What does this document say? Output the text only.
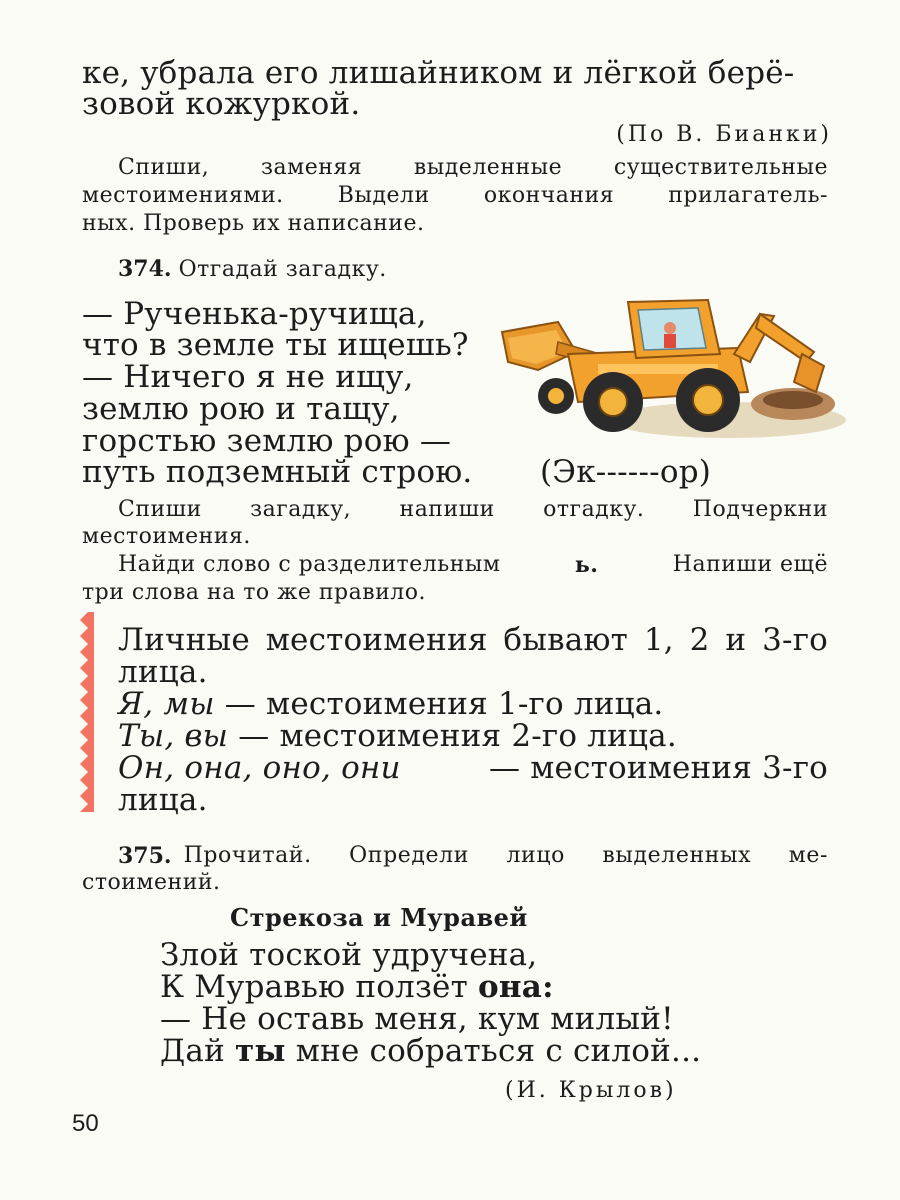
ке, убрала его лишайником и лёгкой берё-
зовой кожуркой.
(По В. Бианки)
Спиши, заменяя выделенные существительные
местоимениями. Выдели окончания прилагатель-
ных. Проверь их написание.
374. Отгадай загадку.
— Рученька-ручища,
что в земле ты ищешь?
— Ничего я не ищу,
землю рою и тащу,
горстью землю рою —
путь подземный строю. (Эк------ор)
Спиши загадку, напиши отгадку. Подчеркни
местоимения.
Найди слово с разделительным	ь.	Напиши ещё
три слова на то же правило.
Личные местоимения бывают 1, 2 и 3-го
лица.
Я, мы — местоимения 1-го лица.
Ты, вы — местоимения 2-го лица.
Он, она, оно, они	— местоимения 3-го
лица.
375. Прочитай. Определи лицо выделенных ме-
стоимений.
Стрекоза и Муравей
Злой тоской удручена,
К Муравью ползёт она:
— Не оставь меня, кум милый!
Дай ты мне собраться с силой...
(И. Крылов)
50
